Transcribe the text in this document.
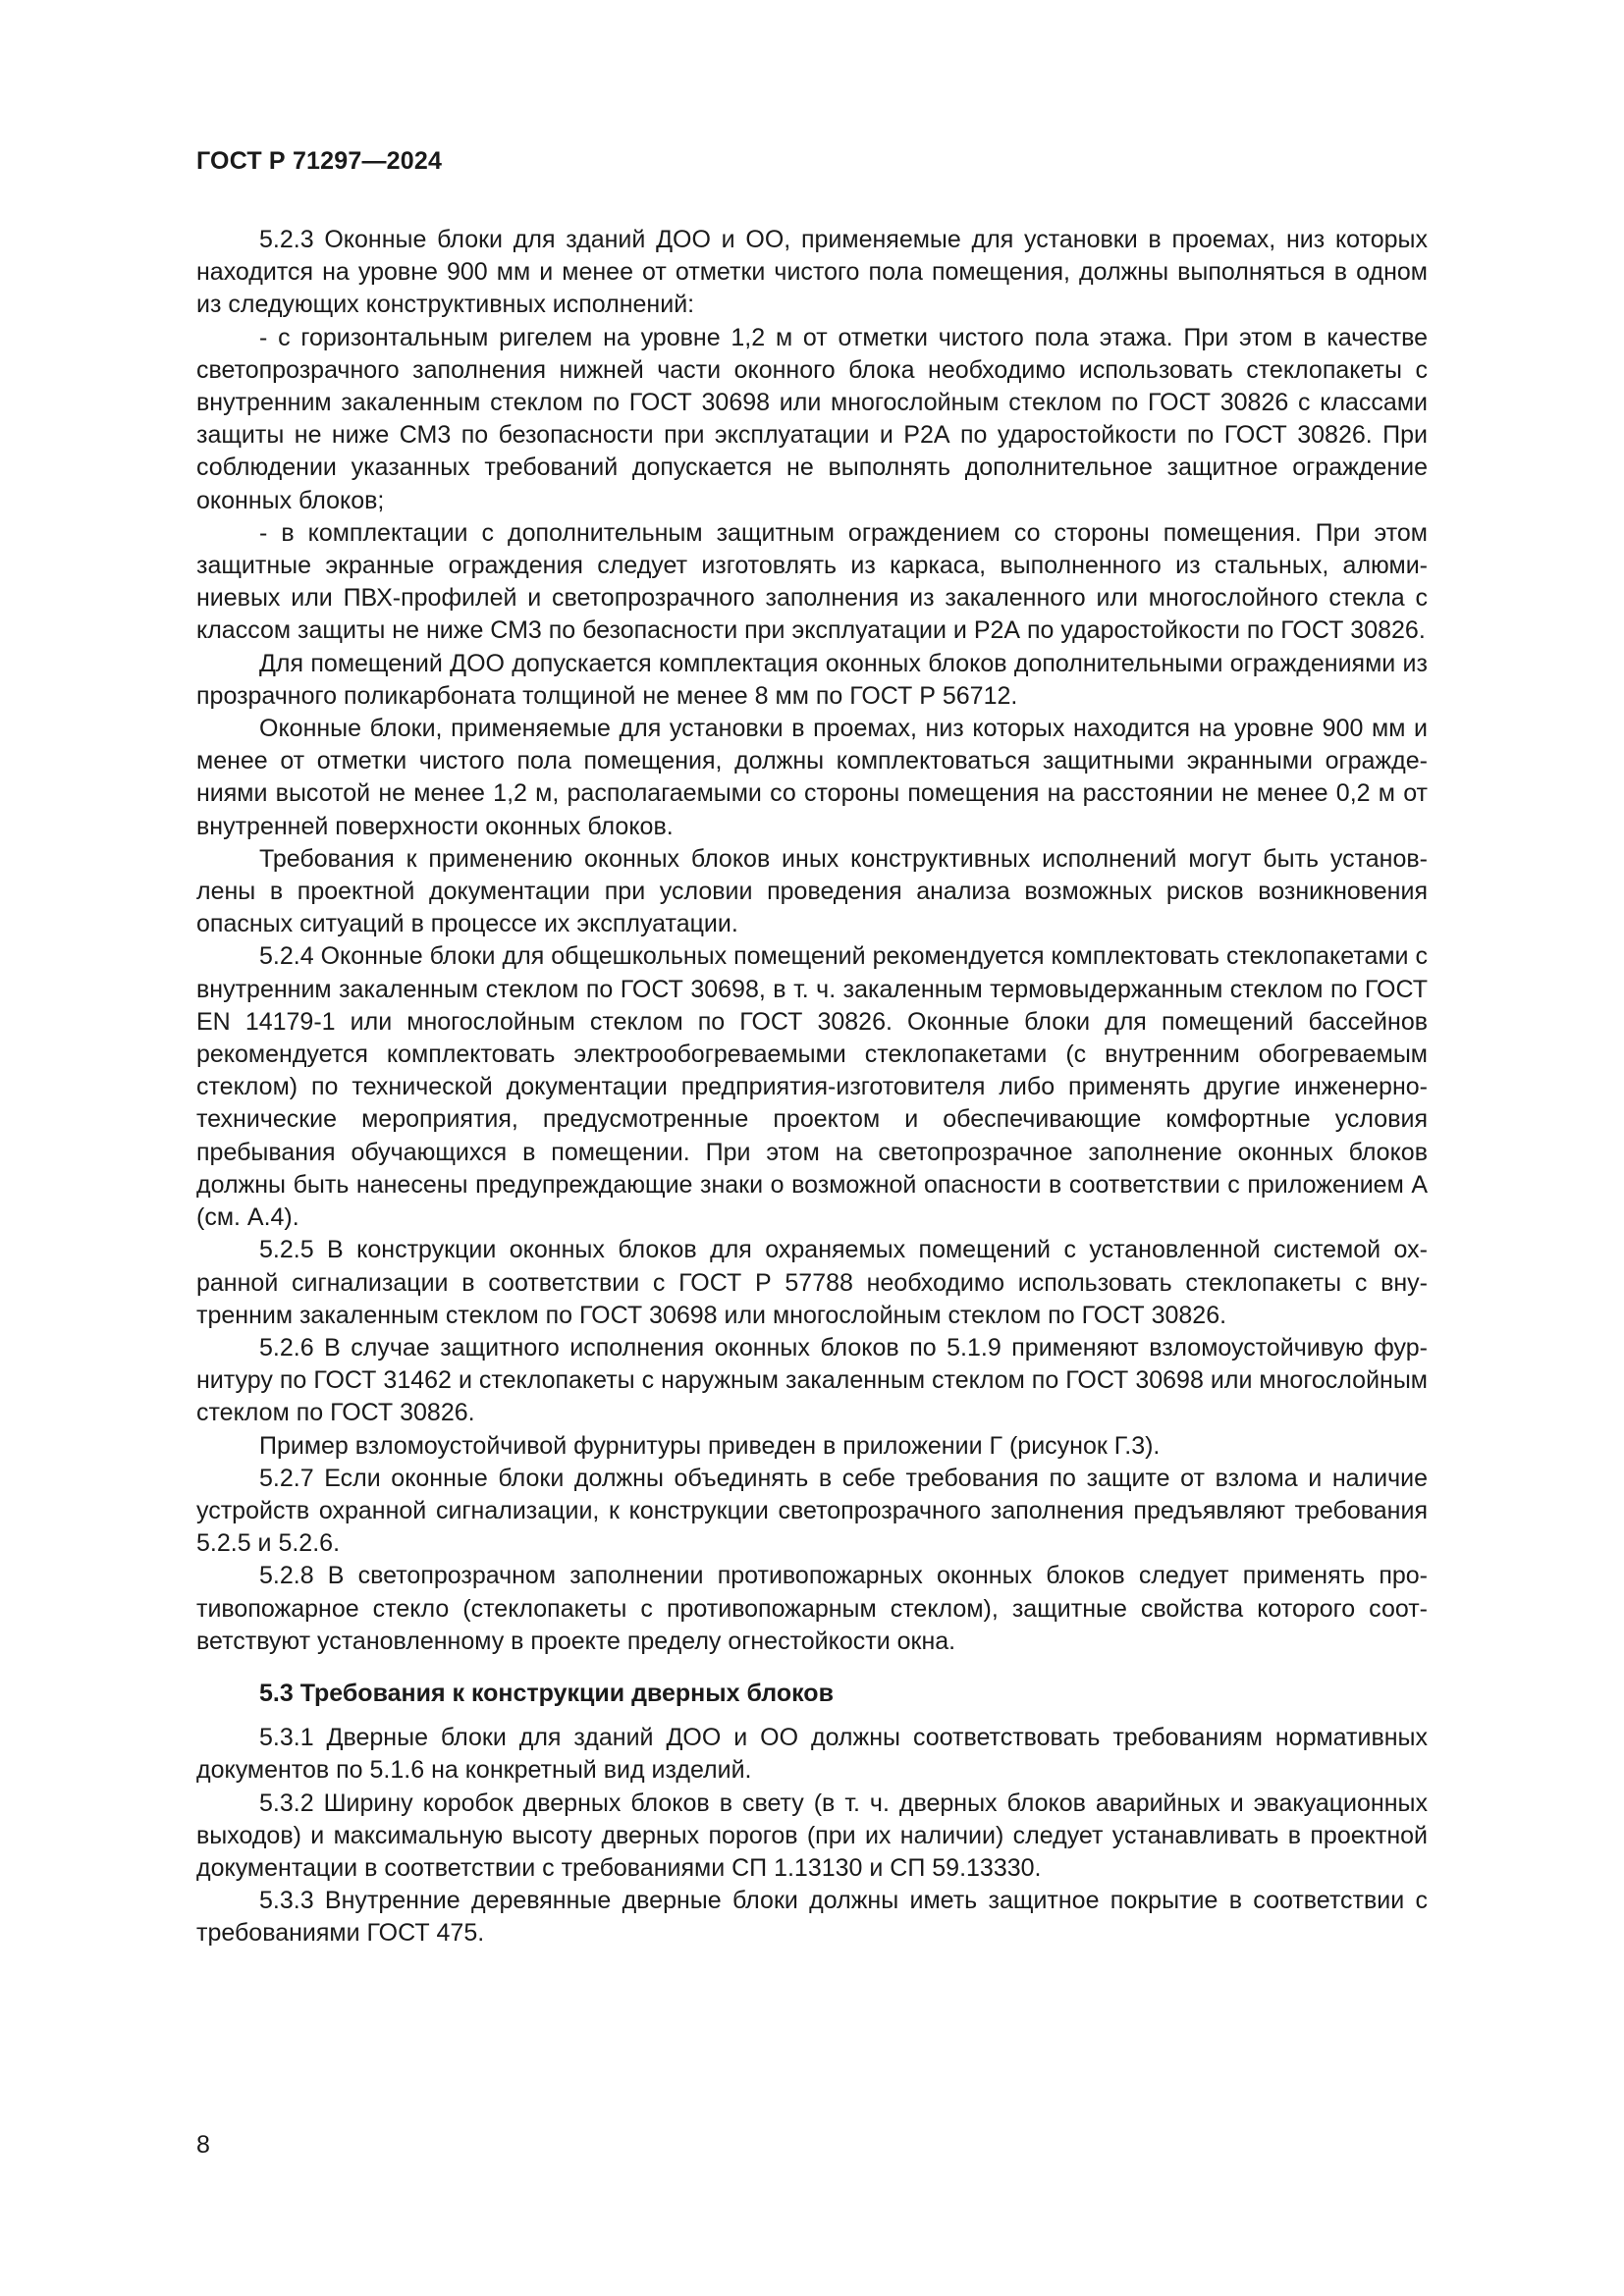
ГОСТ Р 71297—2024

5.2.3 Оконные блоки для зданий ДОО и ОО, применяемые для установки в проемах, низ которых находится на уровне 900 мм и менее от отметки чистого пола помещения, должны выполняться в одном из следующих конструктивных исполнений:

- с горизонтальным ригелем на уровне 1,2 м от отметки чистого пола этажа. При этом в качестве светопрозрачного заполнения нижней части оконного блока необходимо использовать стеклопакеты с внутренним закаленным стеклом по ГОСТ 30698 или многослойным стеклом по ГОСТ 30826 с классами защиты не ниже СМ3 по безопасности при эксплуатации и Р2А по ударостойкости по ГОСТ 30826. При соблюдении указанных требований допускается не выполнять дополнительное защитное ограждение оконных блоков;

- в комплектации с дополнительным защитным ограждением со стороны помещения. При этом защитные экранные ограждения следует изготовлять из каркаса, выполненного из стальных, алюминиевых или ПВХ-профилей и светопрозрачного заполнения из закаленного или многослойного стекла с классом защиты не ниже СМ3 по безопасности при эксплуатации и Р2А по ударостойкости по ГОСТ 30826.

Для помещений ДОО допускается комплектация оконных блоков дополнительными ограждениями из прозрачного поликарбоната толщиной не менее 8 мм по ГОСТ Р 56712.

Оконные блоки, применяемые для установки в проемах, низ которых находится на уровне 900 мм и менее от отметки чистого пола помещения, должны комплектоваться защитными экранными ограждениями высотой не менее 1,2 м, располагаемыми со стороны помещения на расстоянии не менее 0,2 м от внутренней поверхности оконных блоков.

Требования к применению оконных блоков иных конструктивных исполнений могут быть установлены в проектной документации при условии проведения анализа возможных рисков возникновения опасных ситуаций в процессе их эксплуатации.

5.2.4 Оконные блоки для общешкольных помещений рекомендуется комплектовать стеклопакетами с внутренним закаленным стеклом по ГОСТ 30698, в т. ч. закаленным термовыдержанным стеклом по ГОСТ EN 14179-1 или многослойным стеклом по ГОСТ 30826. Оконные блоки для помещений бассейнов рекомендуется комплектовать электрообогреваемыми стеклопакетами (с внутренним обогреваемым стеклом) по технической документации предприятия-изготовителя либо применять другие инженерно-технические мероприятия, предусмотренные проектом и обеспечивающие комфортные условия пребывания обучающихся в помещении. При этом на светопрозрачное заполнение оконных блоков должны быть нанесены предупреждающие знаки о возможной опасности в соответствии с приложением А (см. А.4).

5.2.5 В конструкции оконных блоков для охраняемых помещений с установленной системой охранной сигнализации в соответствии с ГОСТ Р 57788 необходимо использовать стеклопакеты с внутренним закаленным стеклом по ГОСТ 30698 или многослойным стеклом по ГОСТ 30826.

5.2.6 В случае защитного исполнения оконных блоков по 5.1.9 применяют взломоустойчивую фурнитуру по ГОСТ 31462 и стеклопакеты с наружным закаленным стеклом по ГОСТ 30698 или многослойным стеклом по ГОСТ 30826.

Пример взломоустойчивой фурнитуры приведен в приложении Г (рисунок Г.3).

5.2.7 Если оконные блоки должны объединять в себе требования по защите от взлома и наличие устройств охранной сигнализации, к конструкции светопрозрачного заполнения предъявляют требования 5.2.5 и 5.2.6.

5.2.8 В светопрозрачном заполнении противопожарных оконных блоков следует применять противопожарное стекло (стеклопакеты с противопожарным стеклом), защитные свойства которого соответствуют установленному в проекте пределу огнестойкости окна.

5.3 Требования к конструкции дверных блоков

5.3.1 Дверные блоки для зданий ДОО и ОО должны соответствовать требованиям нормативных документов по 5.1.6 на конкретный вид изделий.

5.3.2 Ширину коробок дверных блоков в свету (в т. ч. дверных блоков аварийных и эвакуационных выходов) и максимальную высоту дверных порогов (при их наличии) следует устанавливать в проектной документации в соответствии с требованиями СП 1.13130 и СП 59.13330.

5.3.3 Внутренние деревянные дверные блоки должны иметь защитное покрытие в соответствии с требованиями ГОСТ 475.

8
